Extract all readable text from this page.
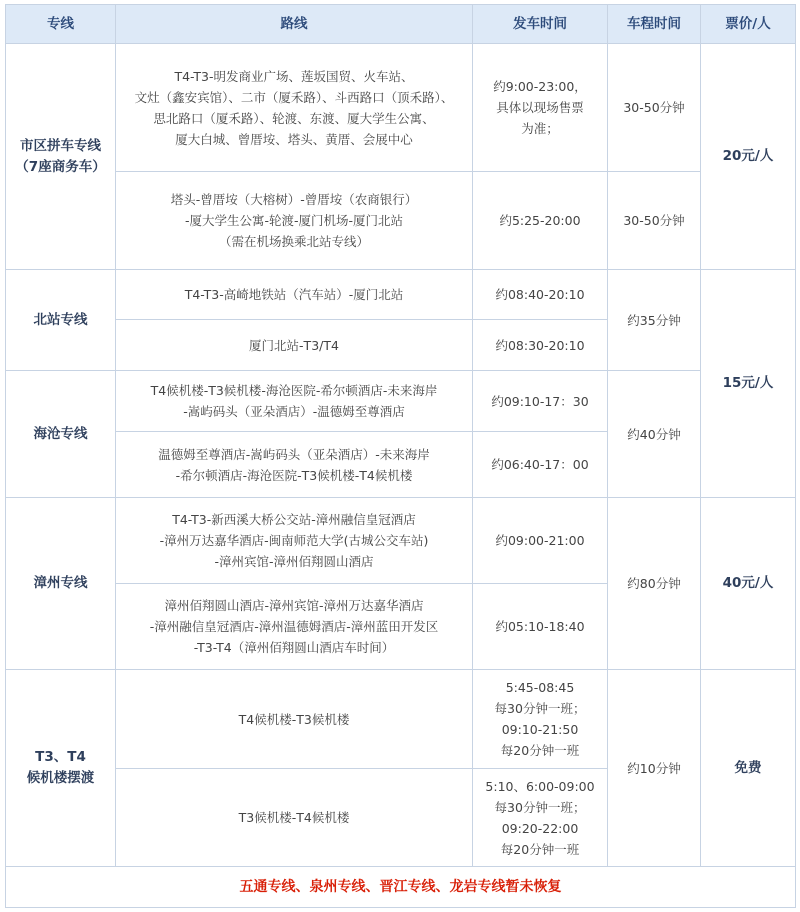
专线	路线	发车时间	车程时间	票价/人

市区拼车专线
（7座商务车）	T4-T3-明发商业广场、莲坂国贸、火车站、
文灶（鑫安宾馆）、二市（厦禾路）、斗西路口（顶禾路）、
思北路口（厦禾路）、轮渡、东渡、厦大学生公寓、
厦大白城、曾厝垵、塔头、黄厝、会展中心	约9:00-23:00，
具体以现场售票
为准；	30-50分钟	20元/人

	塔头-曾厝垵（大榕树）-曾厝垵（农商银行）
-厦大学生公寓-轮渡-厦门机场-厦门北站
（需在机场换乘北站专线）	约5:25-20:00	30-50分钟	
北站专线	T4-T3-高崎地铁站（汽车站）-厦门北站	约08:40-20:10	约35分钟	15元/人
	厦门北站-T3/T4	约08:30-20:10		
海沧专线	T4候机楼-T3候机楼-海沧医院-希尔顿酒店-未来海岸
-嵩屿码头（亚朵酒店）-温德姆至尊酒店	约09:10-17：30	约40分钟	

	温德姆至尊酒店-嵩屿码头（亚朵酒店）-未来海岸
-希尔顿酒店-海沧医院-T3候机楼-T4候机楼	约06:40-17：00		
漳州专线	T4-T3-新西溪大桥公交站-漳州融信皇冠酒店
-漳州万达嘉华酒店-闽南师范大学(古城公交车站)
-漳州宾馆-漳州佰翔圆山酒店	约09:00-21:00	约80分钟	40元/人

	漳州佰翔圆山酒店-漳州宾馆-漳州万达嘉华酒店
-漳州融信皇冠酒店-漳州温德姆酒店-漳州蓝田开发区
-T3-T4（漳州佰翔圆山酒店车时间）	约05:10-18:40		

T3、T4
候机楼摆渡	T4候机楼-T3候机楼	5:45-08:45
每30分钟一班；
09:10-21:50
每20分钟一班	约10分钟	免费
	T3候机楼-T4候机楼	5:10、6:00-09:00
每30分钟一班；
09:20-22:00
每20分钟一班		

五通专线、泉州专线、晋江专线、龙岩专线暂未恢复				
